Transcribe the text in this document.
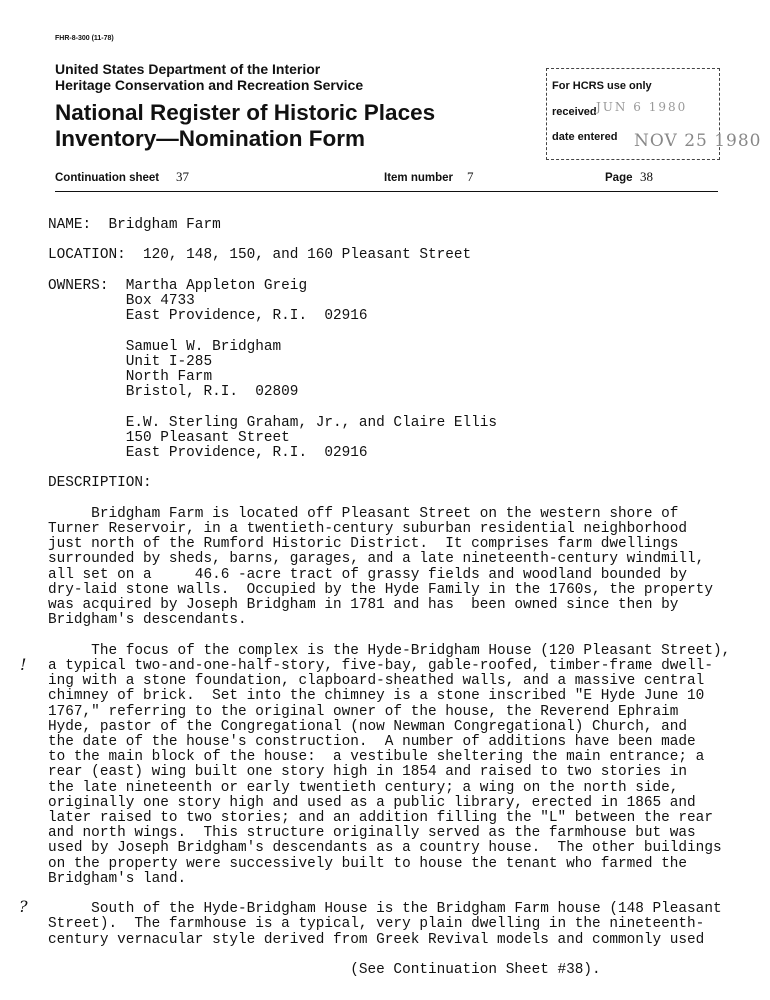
FHR-8-300 (11-78)
United States Department of the Interior
Heritage Conservation and Recreation Service
National Register of Historic Places
Inventory—Nomination Form
For HCRS use only
received JUN 6 1980
date entered NOV 25 1980
Continuation sheet 37	Item number 7	Page 38
NAME:  Bridgham Farm

LOCATION:  120, 148, 150, and 160 Pleasant Street

OWNERS:  Martha Appleton Greig
Box 4733
East Providence, R.I.  02916

Samuel W. Bridgham
Unit I-285
North Farm
Bristol, R.I.  02809

E.W. Sterling Graham, Jr., and Claire Ellis
150 Pleasant Street
East Providence, R.I.  02916

DESCRIPTION:

Bridgham Farm is located off Pleasant Street on the western shore of
Turner Reservoir, in a twentieth-century suburban residential neighborhood
just north of the Rumford Historic District.  It comprises farm dwellings
surrounded by sheds, barns, garages, and a late nineteenth-century windmill,
all set on a     46.6 -acre tract of grassy fields and woodland bounded by
dry-laid stone walls.  Occupied by the Hyde Family in the 1760s, the property
was acquired by Joseph Bridgham in 1781 and has  been owned since then by
Bridgham's descendants.

The focus of the complex is the Hyde-Bridgham House (120 Pleasant Street),
a typical two-and-one-half-story, five-bay, gable-roofed, timber-frame dwell-
ing with a stone foundation, clapboard-sheathed walls, and a massive central
chimney of brick.  Set into the chimney is a stone inscribed "E Hyde June 10
1767," referring to the original owner of the house, the Reverend Ephraim
Hyde, pastor of the Congregational (now Newman Congregational) Church, and
the date of the house's construction.  A number of additions have been made
to the main block of the house:  a vestibule sheltering the main entrance; a
rear (east) wing built one story high in 1854 and raised to two stories in
the late nineteenth or early twentieth century; a wing on the north side,
originally one story high and used as a public library, erected in 1865 and
later raised to two stories; and an addition filling the "L" between the rear
and north wings.  This structure originally served as the farmhouse but was
used by Joseph Bridgham's descendants as a country house.  The other buildings
on the property were successively built to house the tenant who farmed the
Bridgham's land.

South of the Hyde-Bridgham House is the Bridgham Farm house (148 Pleasant
Street).  The farmhouse is a typical, very plain dwelling in the nineteenth-
century vernacular style derived from Greek Revival models and commonly used

(See Continuation Sheet #38).
!
?
